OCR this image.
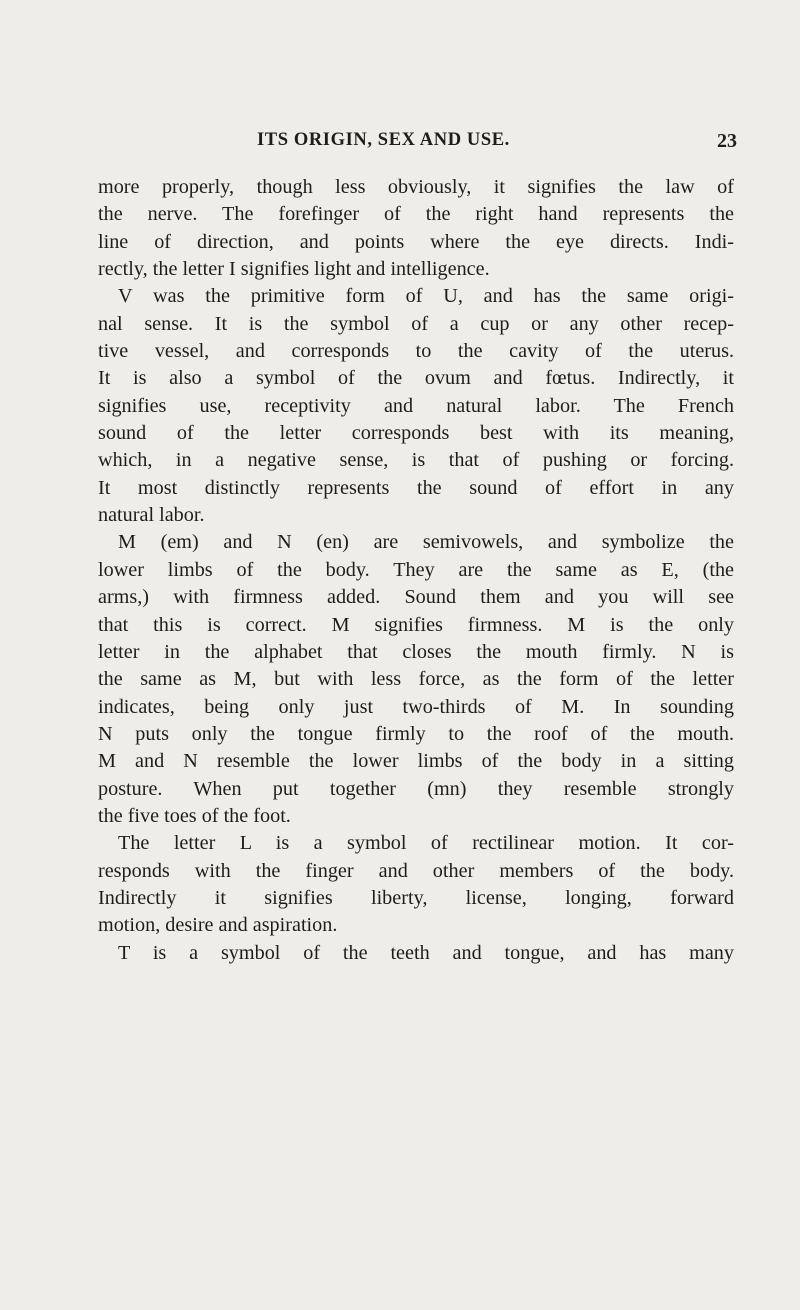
ITS ORIGIN, SEX AND USE.	23
more properly, though less obviously, it signifies the law of
the nerve. The forefinger of the right hand represents the
line of direction, and points where the eye directs. Indi-
rectly, the letter I signifies light and intelligence.
V was the primitive form of U, and has the same origi-
nal sense. It is the symbol of a cup or any other recep-
tive vessel, and corresponds to the cavity of the uterus.
It is also a symbol of the ovum and fœtus. Indirectly, it
signifies use, receptivity and natural labor. The French
sound of the letter corresponds best with its meaning,
which, in a negative sense, is that of pushing or forcing.
It most distinctly represents the sound of effort in any
natural labor.
M (em) and N (en) are semivowels, and symbolize the
lower limbs of the body. They are the same as E, (the
arms,) with firmness added. Sound them and you will see
that this is correct. M signifies firmness. M is the only
letter in the alphabet that closes the mouth firmly. N is
the same as M, but with less force, as the form of the letter
indicates, being only just two-thirds of M. In sounding
N puts only the tongue firmly to the roof of the mouth.
M and N resemble the lower limbs of the body in a sitting
posture. When put together (mn) they resemble strongly
the five toes of the foot.
The letter L is a symbol of rectilinear motion. It cor-
responds with the finger and other members of the body.
Indirectly it signifies liberty, license, longing, forward
motion, desire and aspiration.
T is a symbol of the teeth and tongue, and has many
